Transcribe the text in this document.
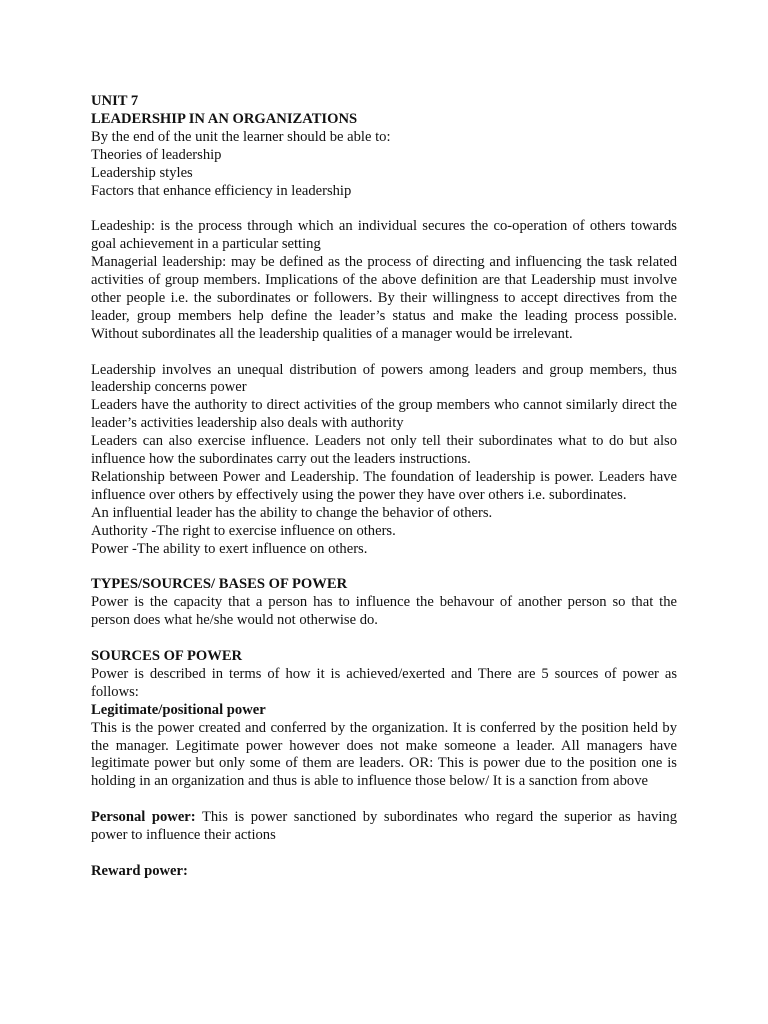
UNIT 7

LEADERSHIP IN AN ORGANIZATIONS

By the end of the unit the learner should be able to:

Theories of leadership

Leadership styles

Factors that enhance efficiency in leadership

Leadeship: is the process through which an individual secures the co-operation of others towards goal achievement in a particular setting

Managerial leadership: may be defined as the process of directing and influencing the task related activities of group members. Implications of the above definition are that Leadership must involve other people i.e. the subordinates or followers. By their willingness to accept directives from the leader, group members help define the leader’s status and make the leading process possible. Without subordinates all the leadership qualities of a manager would be irrelevant.

Leadership involves an unequal distribution of powers among leaders and group members, thus leadership concerns power

Leaders have the authority to direct activities of the group members who cannot similarly direct the leader’s activities leadership also deals with authority

Leaders can also exercise influence. Leaders not only tell their subordinates what to do but also influence how the subordinates carry out the leaders instructions.

Relationship between Power and Leadership. The foundation of leadership is power. Leaders have influence over others by effectively using the power they have over others i.e. subordinates.

An influential leader has the ability to change the behavior of others.

Authority -The right to exercise influence on others.

Power -The ability to exert influence on others.

TYPES/SOURCES/ BASES OF POWER

Power is the capacity that a person has to influence the behavour of another person so that the person does what he/she would not otherwise do.

SOURCES OF POWER

Power is described in terms of how it is achieved/exerted and There are 5 sources of power as follows:

Legitimate/positional power

This is the power created and conferred by the organization. It is conferred by the position held by the manager. Legitimate power however does not make someone a leader. All managers have legitimate power but only some of them are leaders. OR: This is power due to the position one is holding in an organization and thus is able to influence those below/ It is a sanction from above

Personal power: This is power sanctioned by subordinates who regard the superior as having power to influence their actions

Reward power:
